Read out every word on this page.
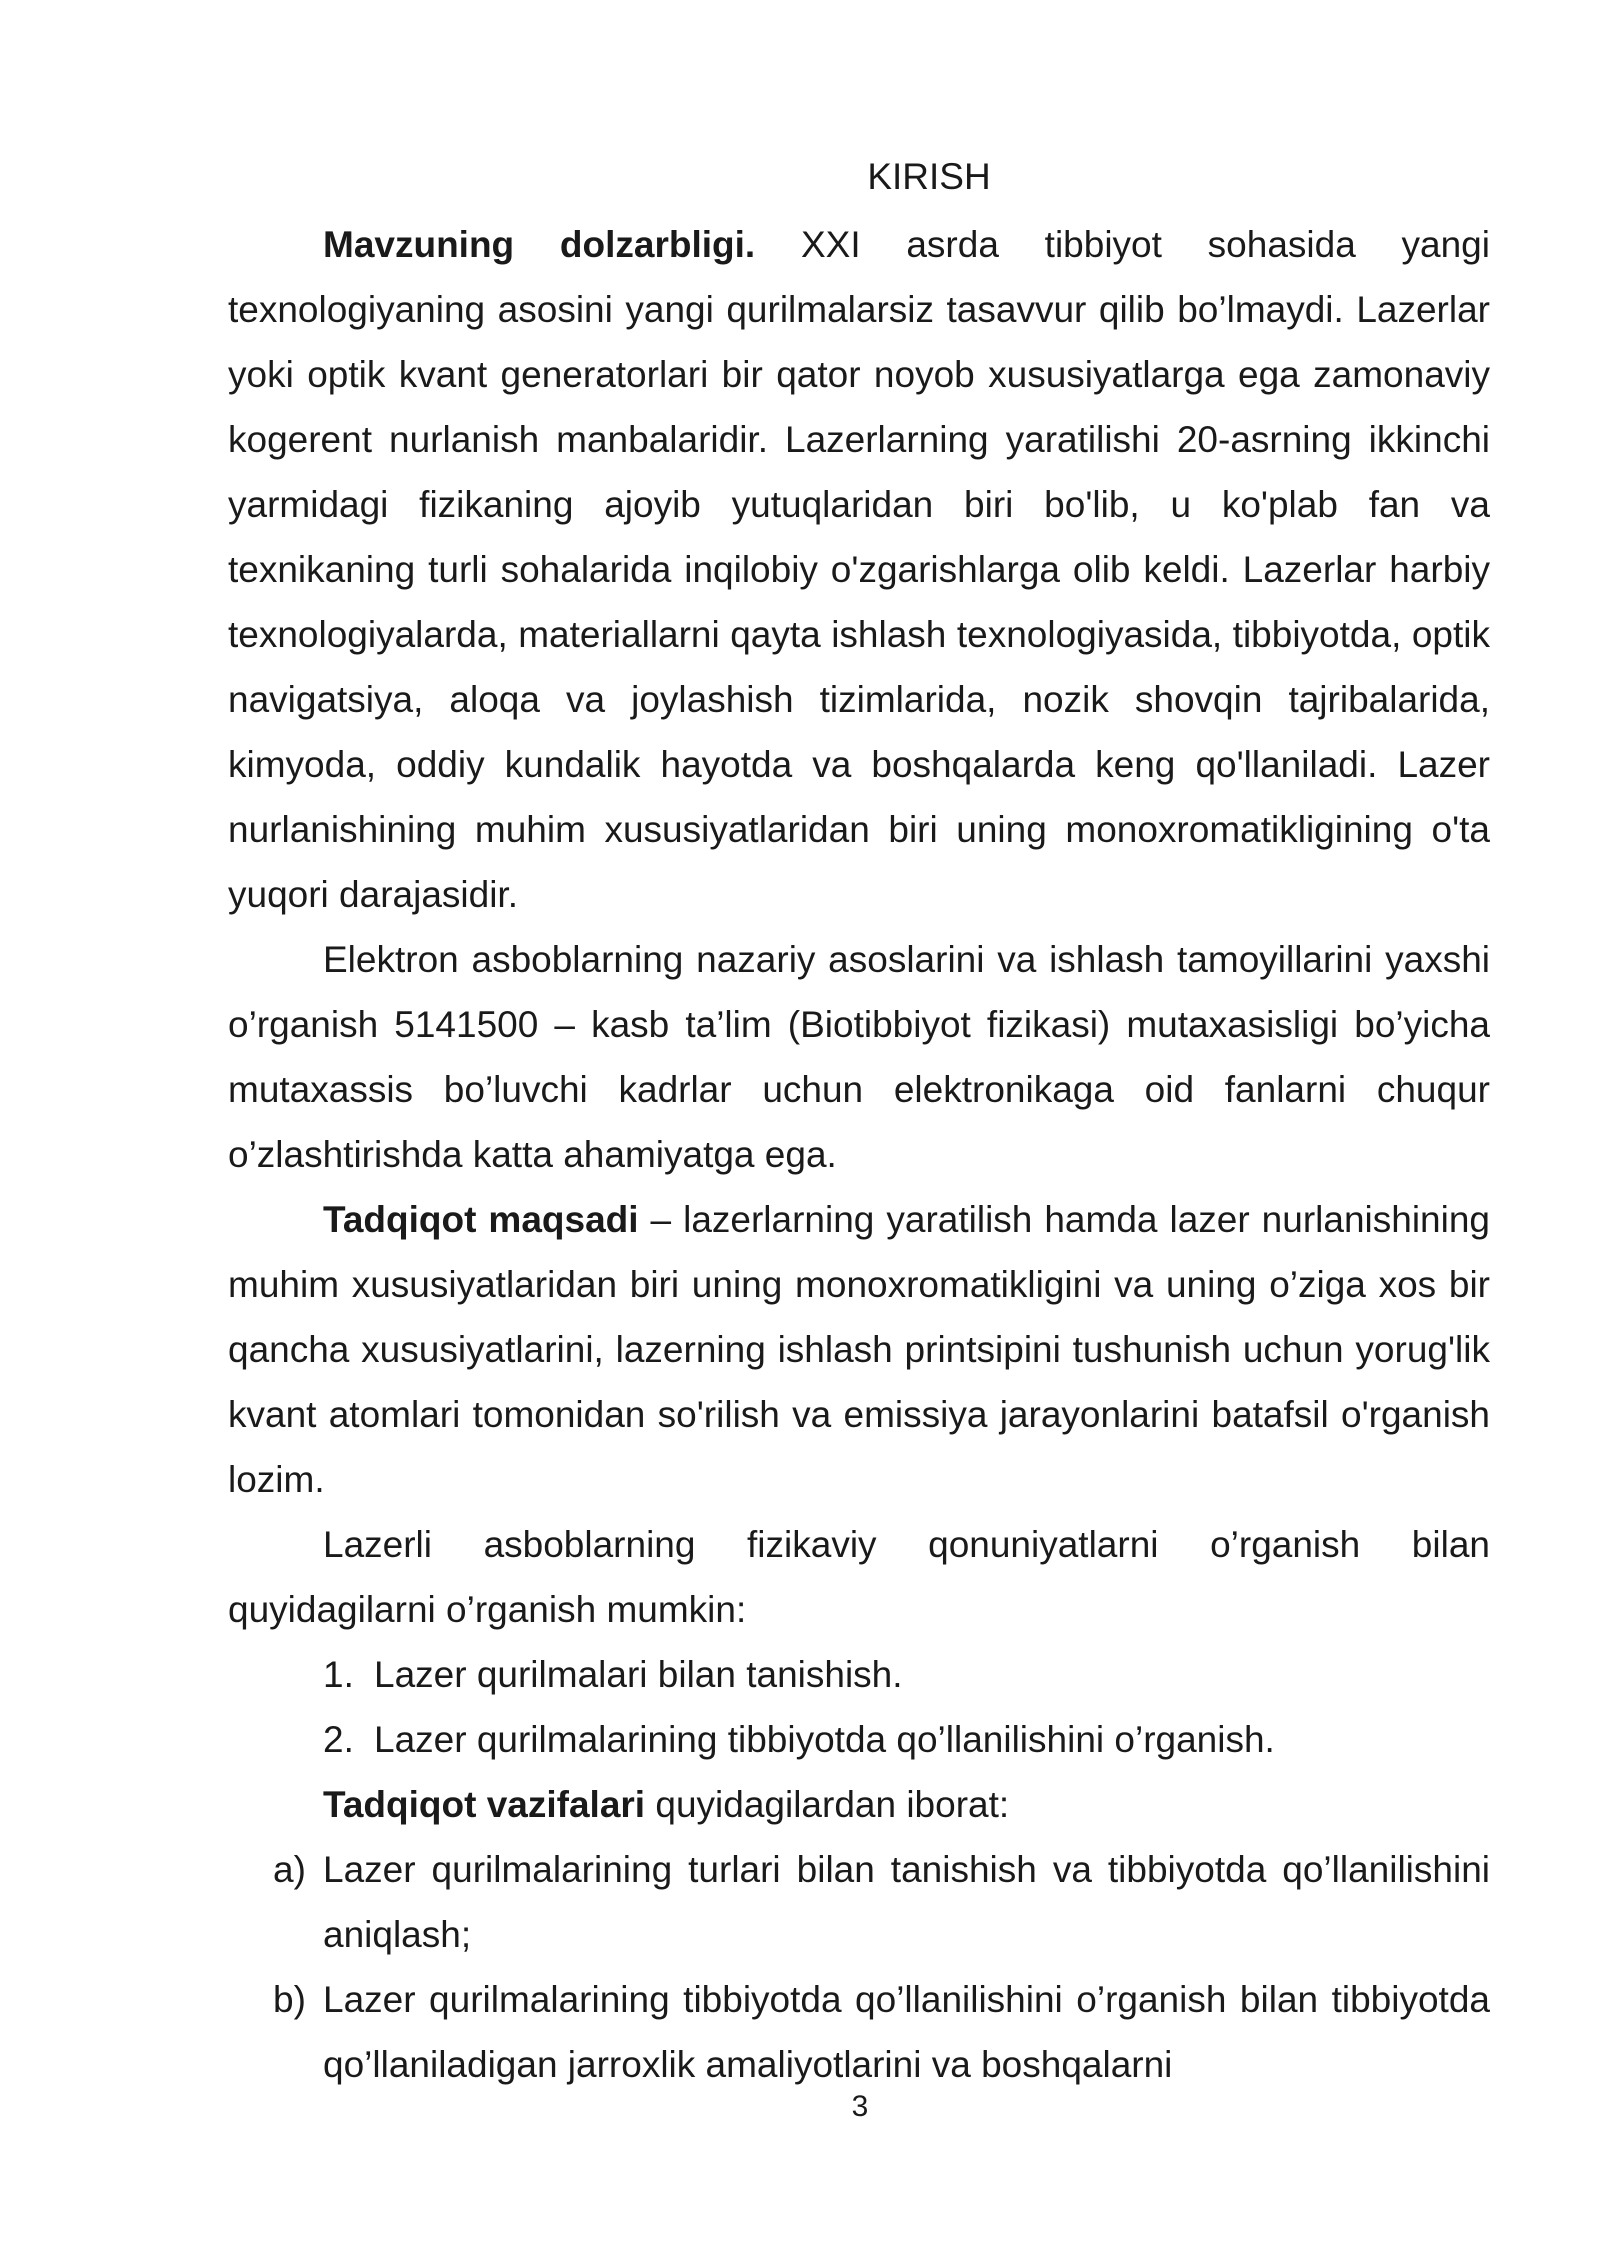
KIRISH

Mavzuning dolzarbligi. XXI asrda tibbiyot sohasida yangi texnologiyaning asosini yangi qurilmalarsiz tasavvur qilib bo’lmaydi. Lazerlar yoki optik kvant generatorlari bir qator noyob xususiyatlarga ega zamonaviy kogerent nurlanish manbalaridir. Lazerlarning yaratilishi 20-asrning ikkinchi yarmidagi fizikaning ajoyib yutuqlaridan biri bo'lib, u ko'plab fan va texnikaning turli sohalarida inqilobiy o'zgarishlarga olib keldi. Lazerlar harbiy texnologiyalarda, materiallarni qayta ishlash texnologiyasida, tibbiyotda, optik navigatsiya, aloqa va joylashish tizimlarida, nozik shovqin tajribalarida, kimyoda, oddiy kundalik hayotda va boshqalarda keng qo'llaniladi. Lazer nurlanishining muhim xususiyatlaridan biri uning monoxromatikligining o'ta yuqori darajasidir.

Elektron asboblarning nazariy asoslarini va ishlash tamoyillarini yaxshi o’rganish 5141500 – kasb ta’lim (Biotibbiyot fizikasi) mutaxasisligi bo’yicha mutaxassis bo’luvchi kadrlar uchun elektronikaga oid fanlarni chuqur o’zlashtirishda katta ahamiyatga ega.

Tadqiqot maqsadi – lazerlarning yaratilish hamda lazer nurlanishining muhim xususiyatlaridan biri uning monoxromatikligini va uning o’ziga xos bir qancha xususiyatlarini, lazerning ishlash printsipini tushunish uchun yorug'lik kvant atomlari tomonidan so'rilish va emissiya jarayonlarini batafsil o'rganish lozim.

Lazerli asboblarning fizikaviy qonuniyatlarni o’rganish bilan quyidagilarni o’rganish mumkin:

1. Lazer qurilmalari bilan tanishish.
2. Lazer qurilmalarining tibbiyotda qo’llanilishini o’rganish.
Tadqiqot vazifalari quyidagilardan iborat:
a) Lazer qurilmalarining turlari bilan tanishish va tibbiyotda qo’llanilishini aniqlash;
b) Lazer qurilmalarining tibbiyotda qo’llanilishini o’rganish bilan tibbiyotda qo’llaniladigan jarroxlik amaliyotlarini va boshqalarni
3
